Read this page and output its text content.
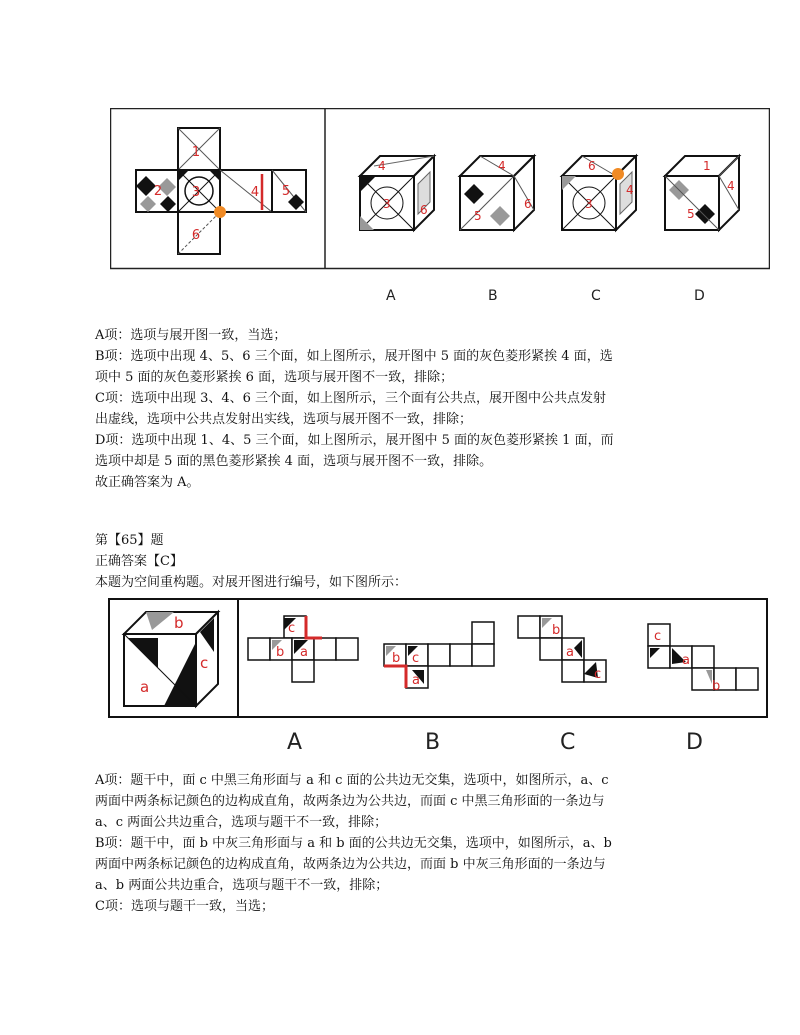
1
2 3	4 5
6
4
3 6
4
5
6
6
3
4
1
5
4
A	B	C	D
A项：选项与展开图一致，当选；
B项：选项中出现 4、5、6 三个面，如上图所示，展开图中 5 面的灰色菱形紧挨 4 面，选
项中 5 面的灰色菱形紧挨 6 面，选项与展开图不一致，排除；
C项：选项中出现 3、4、6 三个面，如上图所示，三个面有公共点，展开图中公共点发射
出虚线，选项中公共点发射出实线，选项与展开图不一致，排除；
D项：选项中出现 1、4、5 三个面，如上图所示，展开图中 5 面的灰色菱形紧挨 1 面，而
选项中却是 5 面的黑色菱形紧挨 4 面，选项与展开图不一致，排除。
故正确答案为 A。
第【65】题
正确答案【C】
本题为空间重构题。对展开图进行编号，如下图所示：
b
c
a
c
b a	b c
a
b
a
c
c
a
b
A	B	C	D
A项：题干中，面 c 中黑三角形面与 a 和 c 面的公共边无交集，选项中，如图所示，a、c
两面中两条标记颜色的边构成直角，故两条边为公共边，而面 c 中黑三角形面的一条边与
a、c 两面公共边重合，选项与题干不一致，排除；
B项：题干中，面 b 中灰三角形面与 a 和 b 面的公共边无交集，选项中，如图所示，a、b
两面中两条标记颜色的边构成直角，故两条边为公共边，而面 b 中灰三角形面的一条边与
a、b 两面公共边重合，选项与题干不一致，排除；
C项：选项与题干一致，当选；
